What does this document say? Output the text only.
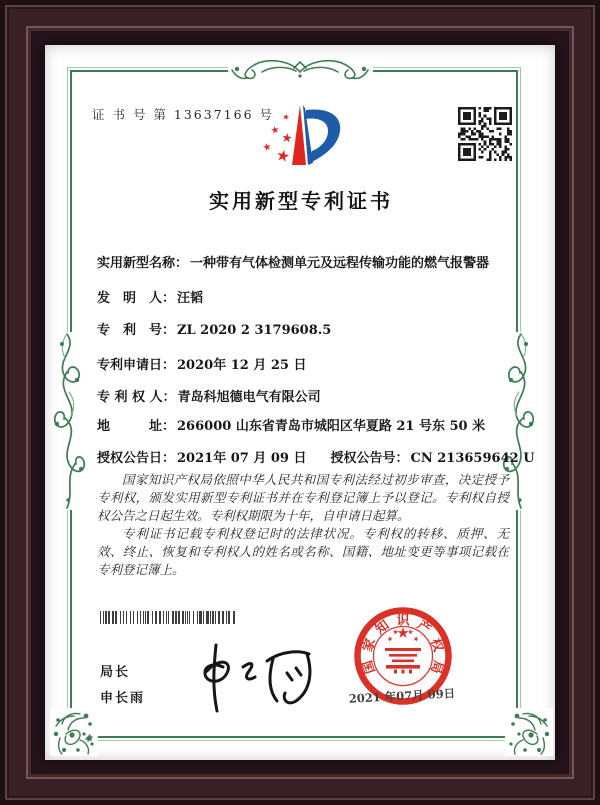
证 书 号 第 13637166 号
实用新型专利证书
实用新型名称： 一种带有气体检测单元及远程传输功能的燃气报警器
发　明　人： 汪韬
专　利　号： ZL 2020 2 3179608.5
专利申请日： 2020年 12 月 25 日
专 利 权 人： 青岛科旭德电气有限公司
地　　　址： 266000 山东省青岛市城阳区华夏路 21 号东 50 米
授权公告日： 2021年 07 月 09 日 授权公告号： CN 213659642 U

国家知识产权局依照中华人民共和国专利法经过初步审查，决定授予专利权，颁发实用新型专利证书并在专利登记簿上予以登记。专利权自授权公告之日起生效。专利权期限为十年，自申请日起算。

专利证书记载专利权登记时的法律状况。专利权的转移、质押、无效、终止、恢复和专利权人的姓名或名称、国籍、地址变更等事项记载在专利登记簿上。

局长
申长雨
国
家
知 识 产
权
局
2021 年07月 09日
